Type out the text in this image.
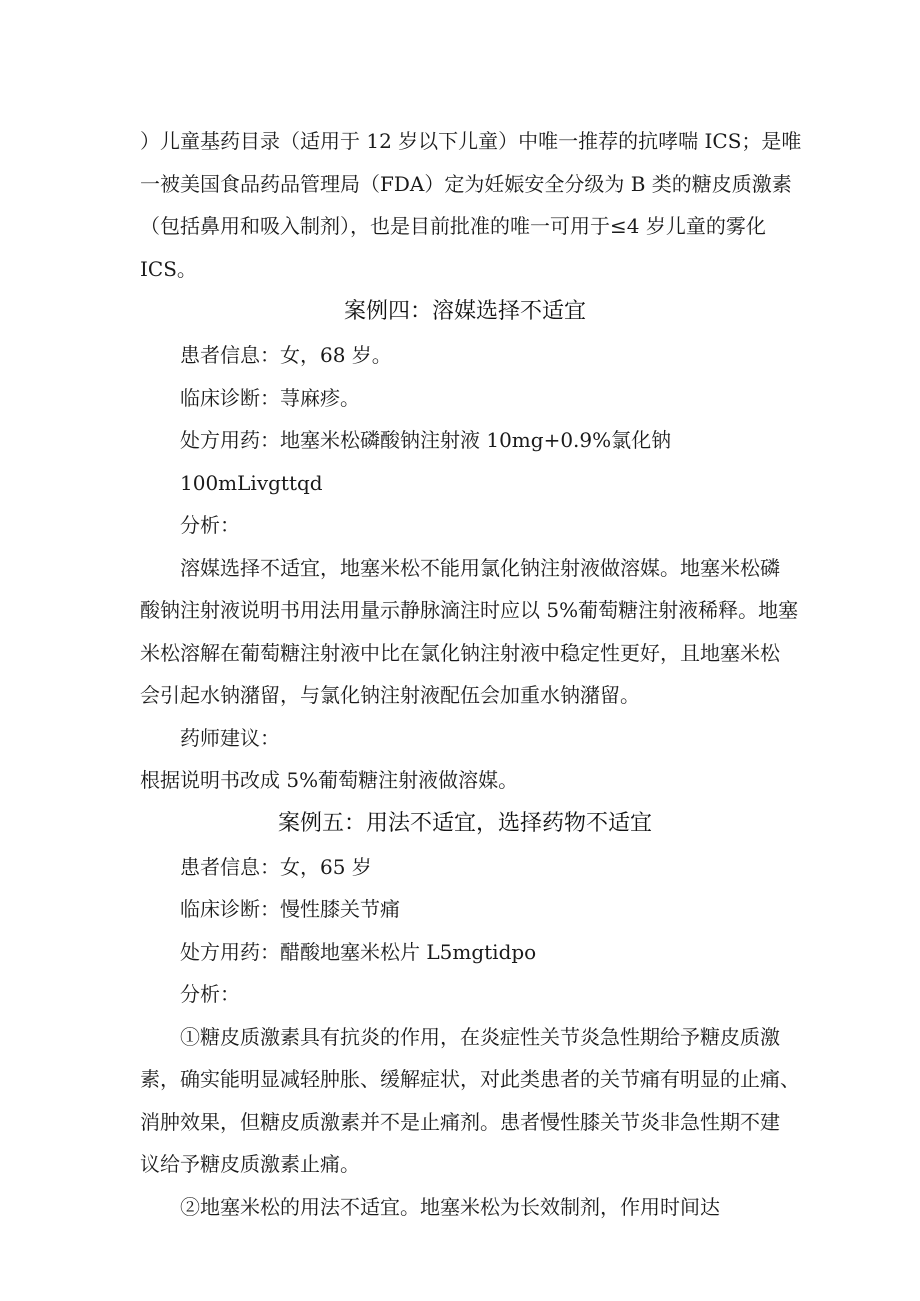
）儿童基药目录（适用于 12 岁以下儿童）中唯一推荐的抗哮喘 ICS；是唯
一被美国食品药品管理局（FDA）定为妊娠安全分级为 B 类的糖皮质激素
（包括鼻用和吸入制剂），也是目前批准的唯一可用于≤4 岁儿童的雾化
ICS。

案例四：溶媒选择不适宜

患者信息：女，68 岁。

临床诊断：荨麻疹。

处方用药：地塞米松磷酸钠注射液 10mg+0.9%氯化钠 100mLivgttqd

分析：

溶媒选择不适宜，地塞米松不能用氯化钠注射液做溶媒。地塞米松磷
酸钠注射液说明书用法用量示静脉滴注时应以 5%葡萄糖注射液稀释。地塞
米松溶解在葡萄糖注射液中比在氯化钠注射液中稳定性更好，且地塞米松
会引起水钠潴留，与氯化钠注射液配伍会加重水钠潴留。

药师建议：

根据说明书改成 5%葡萄糖注射液做溶媒。

案例五：用法不适宜，选择药物不适宜

患者信息：女，65 岁

临床诊断：慢性膝关节痛

处方用药：醋酸地塞米松片 L5mgtidpo

分析：

①糖皮质激素具有抗炎的作用，在炎症性关节炎急性期给予糖皮质激
素，确实能明显减轻肿胀、缓解症状，对此类患者的关节痛有明显的止痛、
消肿效果，但糖皮质激素并不是止痛剂。患者慢性膝关节炎非急性期不建
议给予糖皮质激素止痛。

②地塞米松的用法不适宜。地塞米松为长效制剂，作用时间达
